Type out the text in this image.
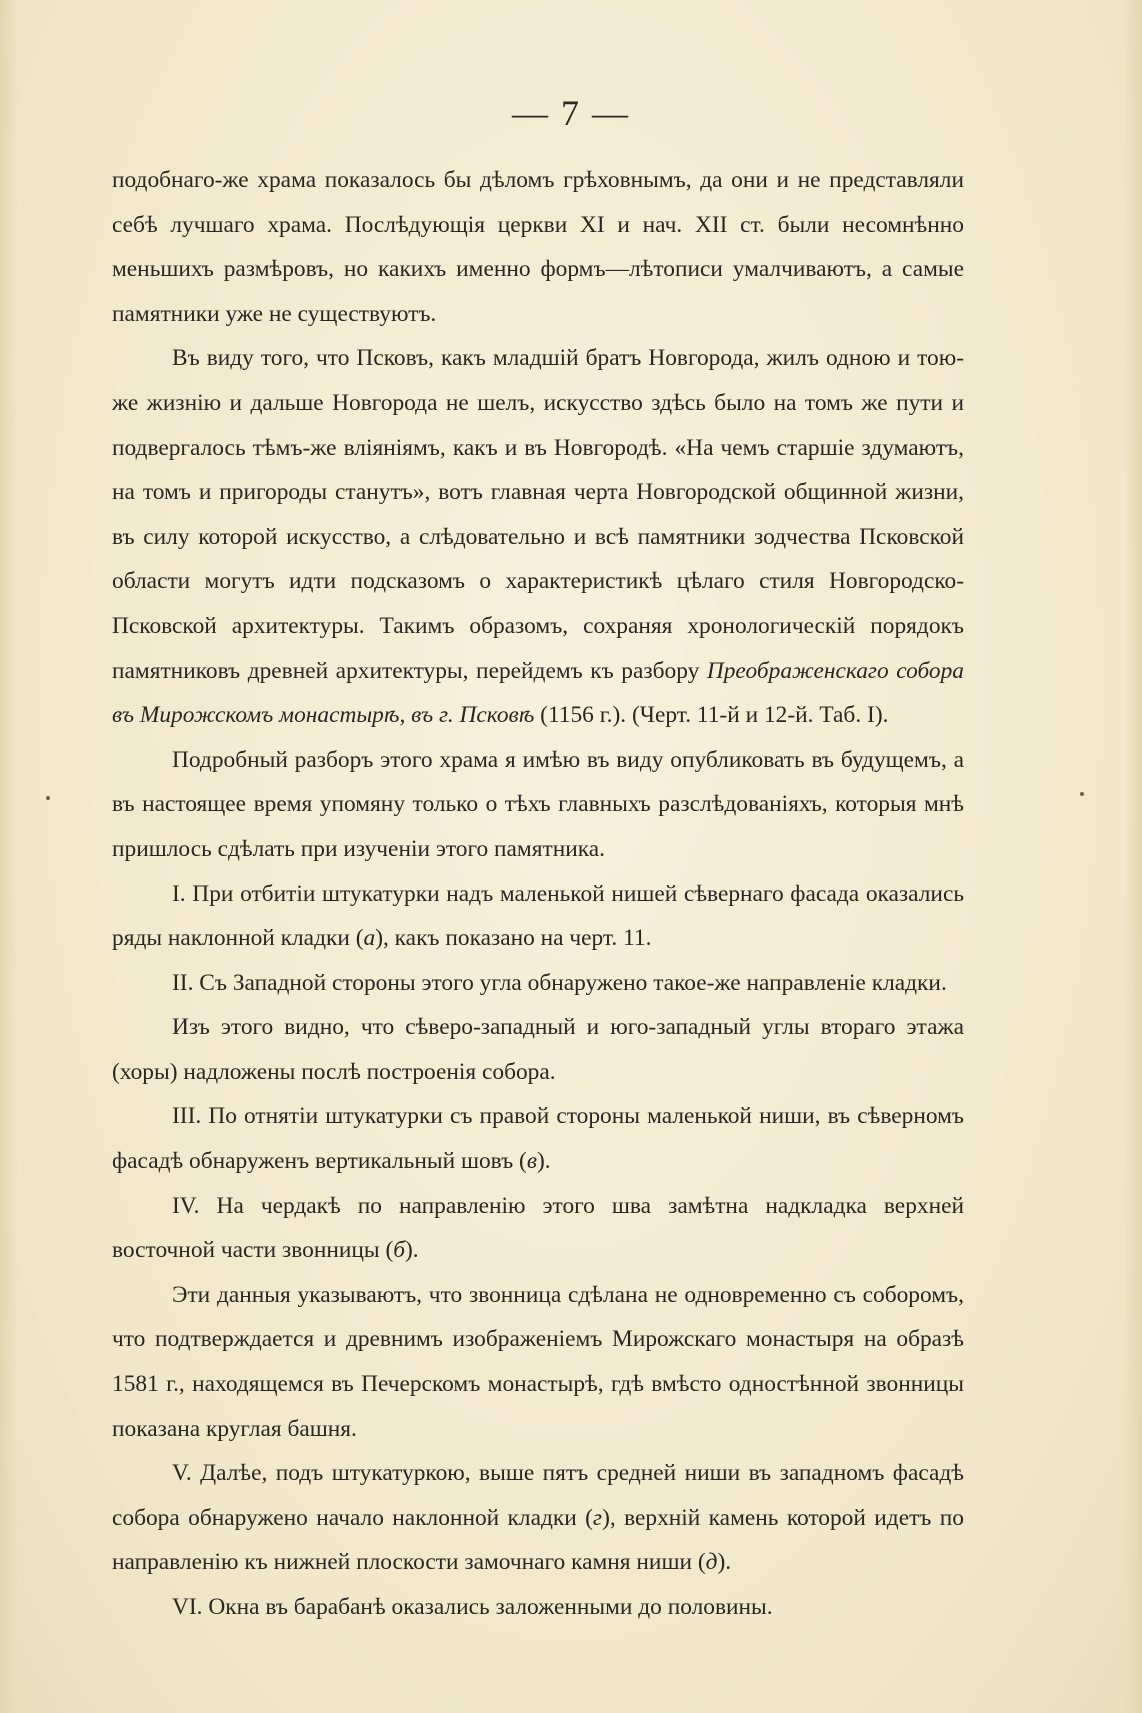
— 7 —

подобнаго-же храма показалось бы дѣломъ грѣховнымъ, да они и не представляли себѣ лучшаго храма. Послѣдующія церкви XI и нач. XII ст. были несомнѣнно меньшихъ размѣровъ, но какихъ именно формъ—лѣтописи умалчиваютъ, а самые памятники уже не существуютъ.

Въ виду того, что Псковъ, какъ младшій братъ Новгорода, жилъ одною и тою-же жизнію и дальше Новгорода не шелъ, искусство здѣсь было на томъ же пути и подвергалось тѣмъ-же вліяніямъ, какъ и въ Новгородѣ. «На чемъ старшіе здумаютъ, на томъ и пригороды станутъ», вотъ главная черта Новгородской общинной жизни, въ силу которой искусство, а слѣдовательно и всѣ памятники зодчества Псковской области могутъ идти подсказомъ о характеристикѣ цѣлаго стиля Новгородско-Псковской архитектуры. Такимъ образомъ, сохраняя хронологическій порядокъ памятниковъ древней архитектуры, перейдемъ къ разбору Преображенскаго собора въ Мирожскомъ монастырѣ, въ г. Псковѣ (1156 г.). (Черт. 11-й и 12-й. Таб. I).

Подробный разборъ этого храма я имѣю въ виду опубликовать въ будущемъ, а въ настоящее время упомяну только о тѣхъ главныхъ разслѣдованіяхъ, которыя мнѣ пришлось сдѣлать при изученіи этого памятника.

I. При отбитіи штукатурки надъ маленькой нишей сѣвернаго фасада оказались ряды наклонной кладки (а), какъ показано на черт. 11.

II. Съ Западной стороны этого угла обнаружено такое-же направленіе кладки.

Изъ этого видно, что сѣверо-западный и юго-западный углы втораго этажа (хоры) надложены послѣ построенія собора.

III. По отнятіи штукатурки съ правой стороны маленькой ниши, въ сѣверномъ фасадѣ обнаруженъ вертикальный шовъ (в).

IV. На чердакѣ по направленію этого шва замѣтна надкладка верхней восточной части звонницы (б).

Эти данныя указываютъ, что звонница сдѣлана не одновременно съ соборомъ, что подтверждается и древнимъ изображеніемъ Мирожскаго монастыря на образѣ 1581 г., находящемся въ Печерскомъ монастырѣ, гдѣ вмѣсто одностѣнной звонницы показана круглая башня.

V. Далѣе, подъ штукатуркою, выше пятъ средней ниши въ западномъ фасадѣ собора обнаружено начало наклонной кладки (г), верхній камень которой идетъ по направленію къ нижней плоскости замочнаго камня ниши (д).

VI. Окна въ барабанѣ оказались заложенными до половины.
